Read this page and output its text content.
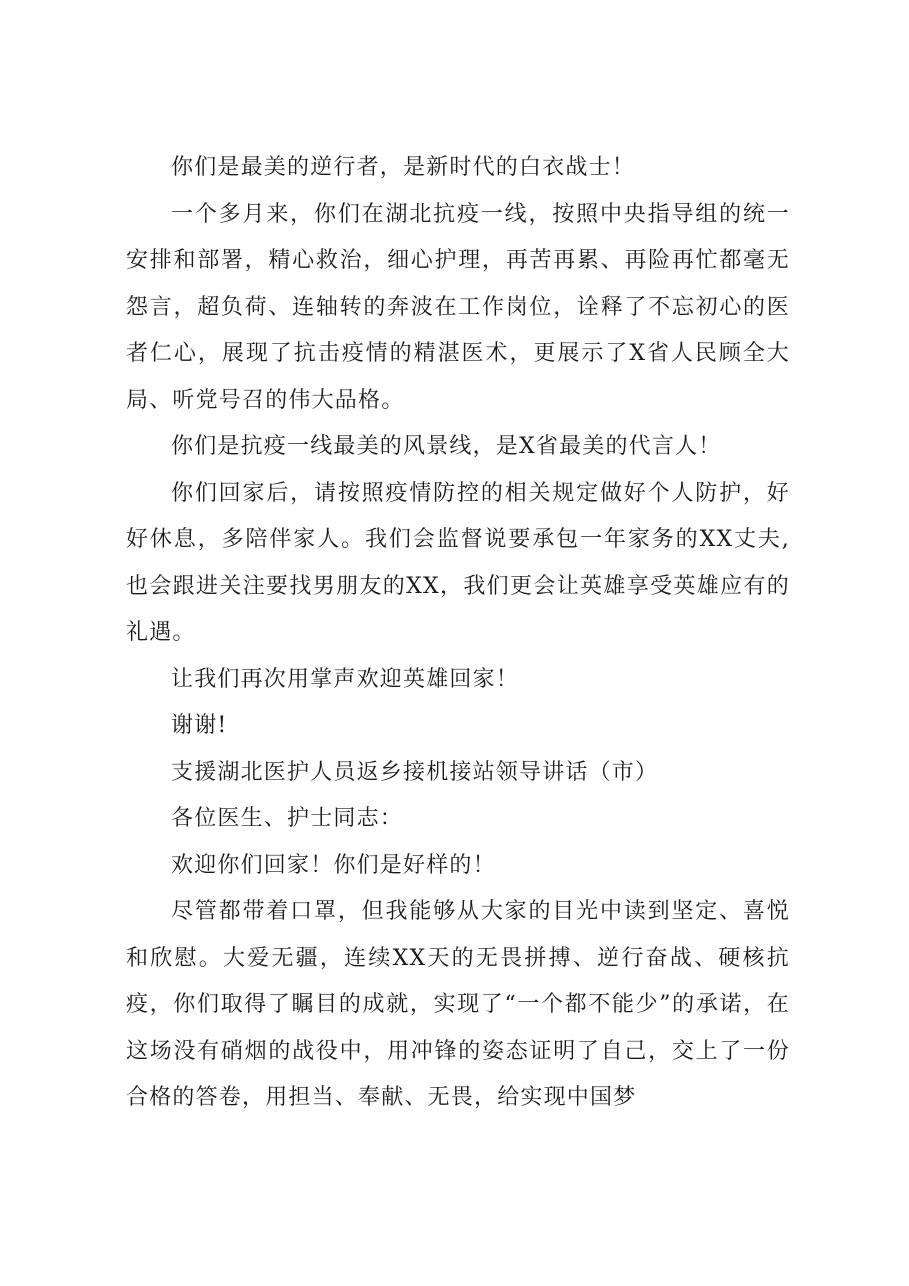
你们是最美的逆行者，是新时代的白衣战士！

一个多月来，你们在湖北抗疫一线，按照中央指导组的统一安排和部署，精心救治，细心护理，再苦再累、再险再忙都毫无怨言，超负荷、连轴转的奔波在工作岗位，诠释了不忘初心的医者仁心，展现了抗击疫情的精湛医术，更展示了X省人民顾全大局、听党号召的伟大品格。

你们是抗疫一线最美的风景线，是X省最美的代言人！

你们回家后，请按照疫情防控的相关规定做好个人防护，好好休息，多陪伴家人。我们会监督说要承包一年家务的XX丈夫,也会跟进关注要找男朋友的XX，我们更会让英雄享受英雄应有的礼遇。

让我们再次用掌声欢迎英雄回家！

谢谢!

支援湖北医护人员返乡接机接站领导讲话（市）

各位医生、护士同志：

欢迎你们回家！你们是好样的！

尽管都带着口罩，但我能够从大家的目光中读到坚定、喜悦和欣慰。大爱无疆，连续XX天的无畏拼搏、逆行奋战、硬核抗疫，你们取得了瞩目的成就，实现了“一个都不能少”的承诺，在这场没有硝烟的战役中，用冲锋的姿态证明了自己，交上了一份合格的答卷，用担当、奉献、无畏，给实现中国梦
